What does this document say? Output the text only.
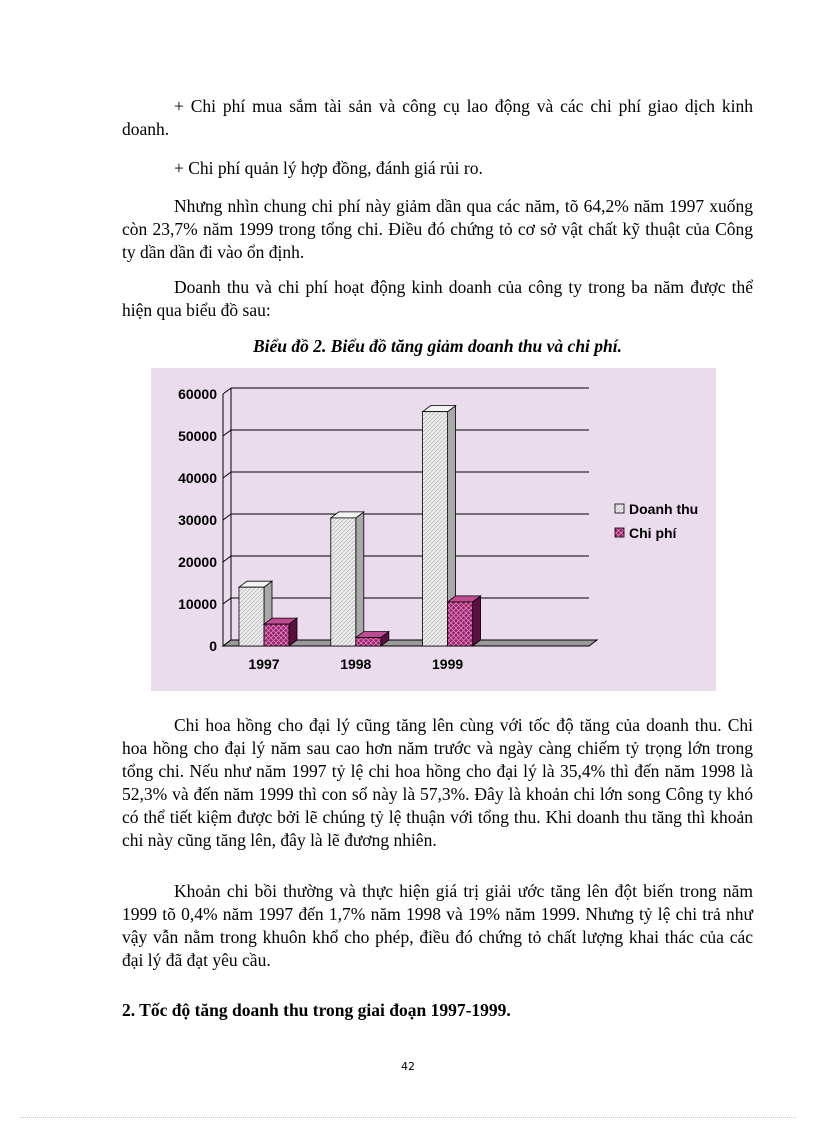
+ Chi phí mua sắm tài sản và công cụ lao động và các chi phí giao dịch kinh doanh.

+ Chi phí quản lý hợp đồng, đánh giá rủi ro.

Nhưng nhìn chung chi phí này giảm dần qua các năm, tõ 64,2% năm 1997 xuống còn 23,7% năm 1999 trong tổng chi. Điều đó chứng tỏ cơ sở vật chất kỹ thuật của Công ty dần dần đi vào ổn định.

Doanh thu và chi phí hoạt động kinh doanh của công ty trong ba năm được thể hiện qua biểu đồ sau:

Biểu đồ 2. Biểu đồ tăng giảm doanh thu và chi phí.

0
10000
20000
30000
40000
50000
60000
1997	1998	1999
Doanh thu
Chi phí

Chi hoa hồng cho đại lý cũng tăng lên cùng với tốc độ tăng của doanh thu. Chi hoa hồng cho đại lý năm sau cao hơn năm trước và ngày càng chiếm tỷ trọng lớn trong tổng chi. Nếu như năm 1997 tỷ lệ chi hoa hồng cho đại lý là 35,4% thì đến năm 1998 là 52,3% và đến năm 1999 thì con số này là 57,3%. Đây là khoản chi lớn song Công ty khó có thể tiết kiệm được bởi lẽ chúng tỷ lệ thuận với tổng thu. Khi doanh thu tăng thì khoản chi này cũng tăng lên, đây là lẽ đương nhiên.

Khoản chi bồi thường và thực hiện giá trị giải ước tăng lên đột biến trong năm 1999 tõ 0,4% năm 1997 đến 1,7% năm 1998 và 19% năm 1999. Nhưng tỷ lệ chi trả như vậy vẫn nằm trong khuôn khổ cho phép, điều đó chứng tỏ chất lượng khai thác của các đại lý đã đạt yêu cầu.

2. Tốc độ tăng doanh thu trong giai đoạn 1997-1999.

42
